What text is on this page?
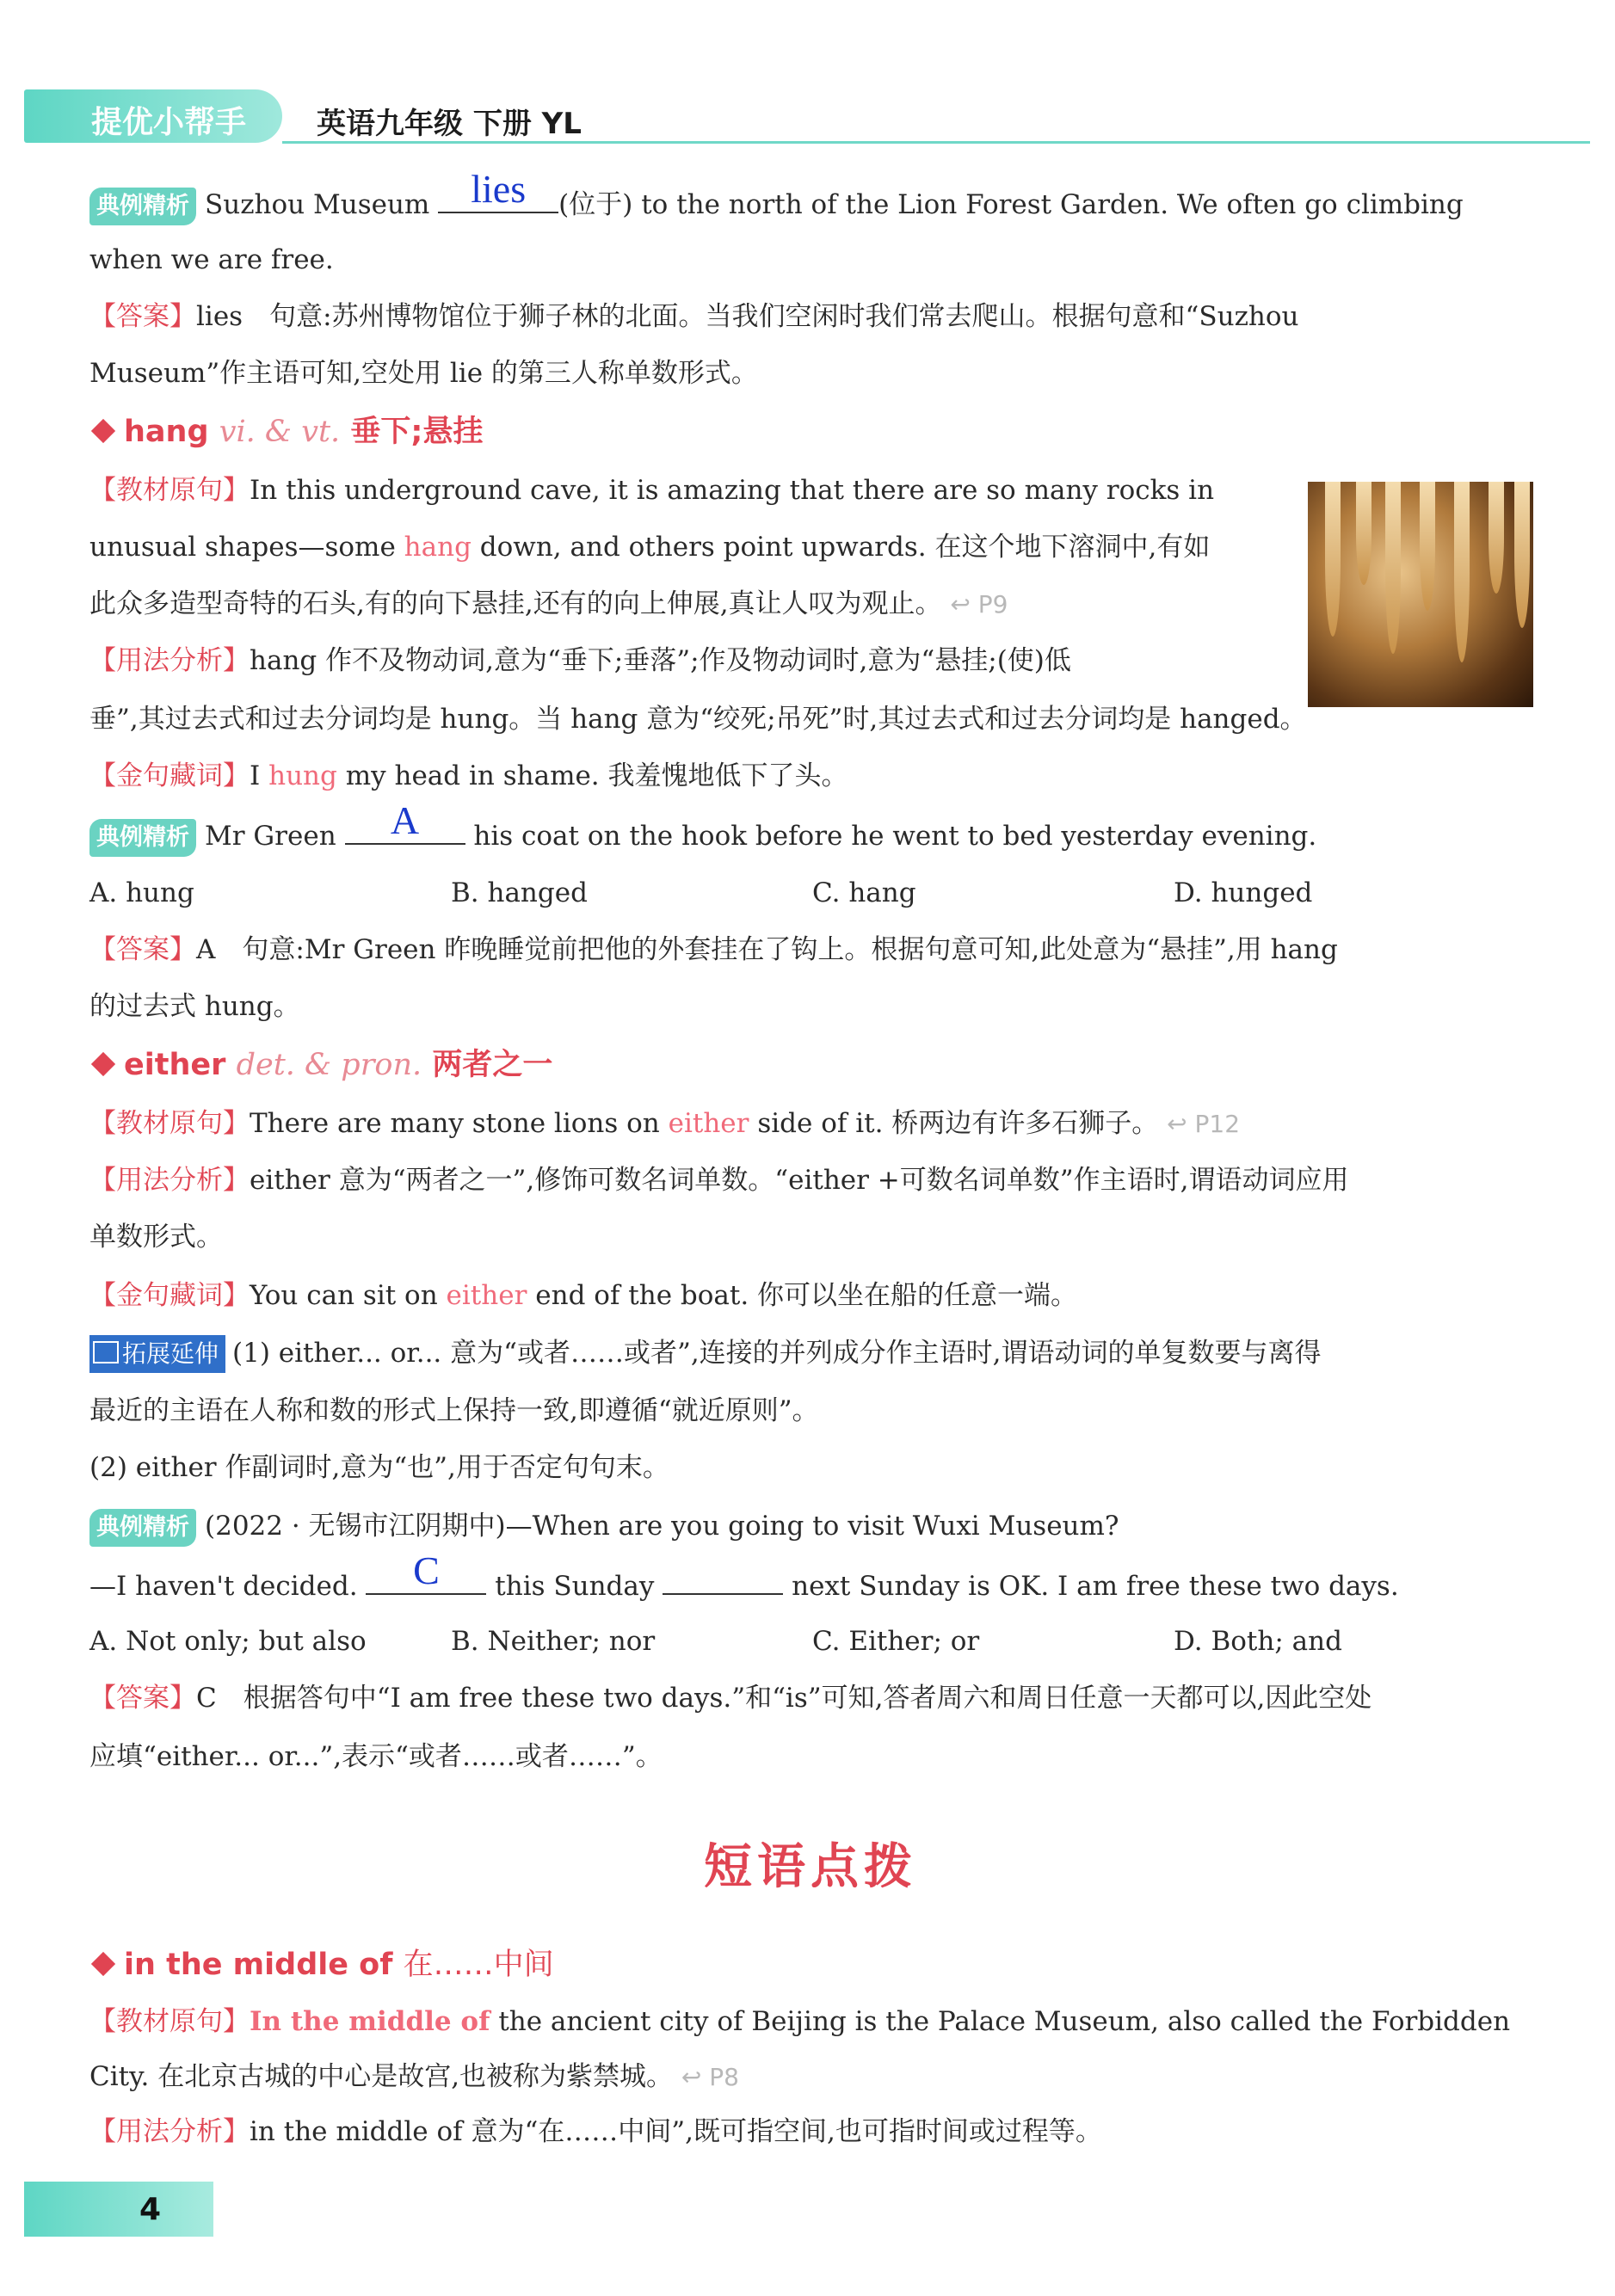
提优小帮手 英语九年级 下册 YL
典例精析 Suzhou Museum	lies	(位于) to the north of the Lion Forest Garden. We often go climbing
when we are free.
【答案】lies　句意:苏州博物馆位于狮子林的北面。当我们空闲时我们常去爬山。根据句意和“Suzhou
Museum”作主语可知,空处用 lie 的第三人称单数形式。
hang vi. & vt. 垂下;悬挂
【教材原句】In this underground cave, it is amazing that there are so many rocks in
unusual shapes—some hang down, and others point upwards. 在这个地下溶洞中,有如
此众多造型奇特的石头,有的向下悬挂,还有的向上伸展,真让人叹为观止。 ↩ P9
【用法分析】hang 作不及物动词,意为“垂下;垂落”;作及物动词时,意为“悬挂;(使)低
垂”,其过去式和过去分词均是 hung。当 hang 意为“绞死;吊死”时,其过去式和过去分词均是 hanged。
【金句藏词】I hung my head in shame. 我羞愧地低下了头。
典例精析 Mr Green	A	his coat on the hook before he went to bed yesterday evening.
A. hung	B. hanged	C. hang	D. hunged
【答案】A　句意:Mr Green 昨晚睡觉前把他的外套挂在了钩上。根据句意可知,此处意为“悬挂”,用 hang
的过去式 hung。
either det. & pron. 两者之一
【教材原句】There are many stone lions on either side of it. 桥两边有许多石狮子。 ↩ P12
【用法分析】either 意为“两者之一”,修饰可数名词单数。“either +可数名词单数”作主语时,谓语动词应用
单数形式。
【金句藏词】You can sit on either end of the boat. 你可以坐在船的任意一端。
拓展延伸 (1) either... or... 意为“或者……或者”,连接的并列成分作主语时,谓语动词的单复数要与离得
最近的主语在人称和数的形式上保持一致,即遵循“就近原则”。
(2) either 作副词时,意为“也”,用于否定句句末。
典例精析 (2022 · 无锡市江阴期中)—When are you going to visit Wuxi Museum?
—I haven't decided.	C	this Sunday	next Sunday is OK. I am free these two days.
A. Not only; but also	B. Neither; nor	C. Either; or	D. Both; and
【答案】C　根据答句中“I am free these two days.”和“is”可知,答者周六和周日任意一天都可以,因此空处
应填“either... or...”,表示“或者……或者……”。
短语点拨
in the middle of 在……中间
【教材原句】In the middle of the ancient city of Beijing is the Palace Museum, also called the Forbidden
City. 在北京古城的中心是故宫,也被称为紫禁城。 ↩ P8
【用法分析】in the middle of 意为“在……中间”,既可指空间,也可指时间或过程等。
4
